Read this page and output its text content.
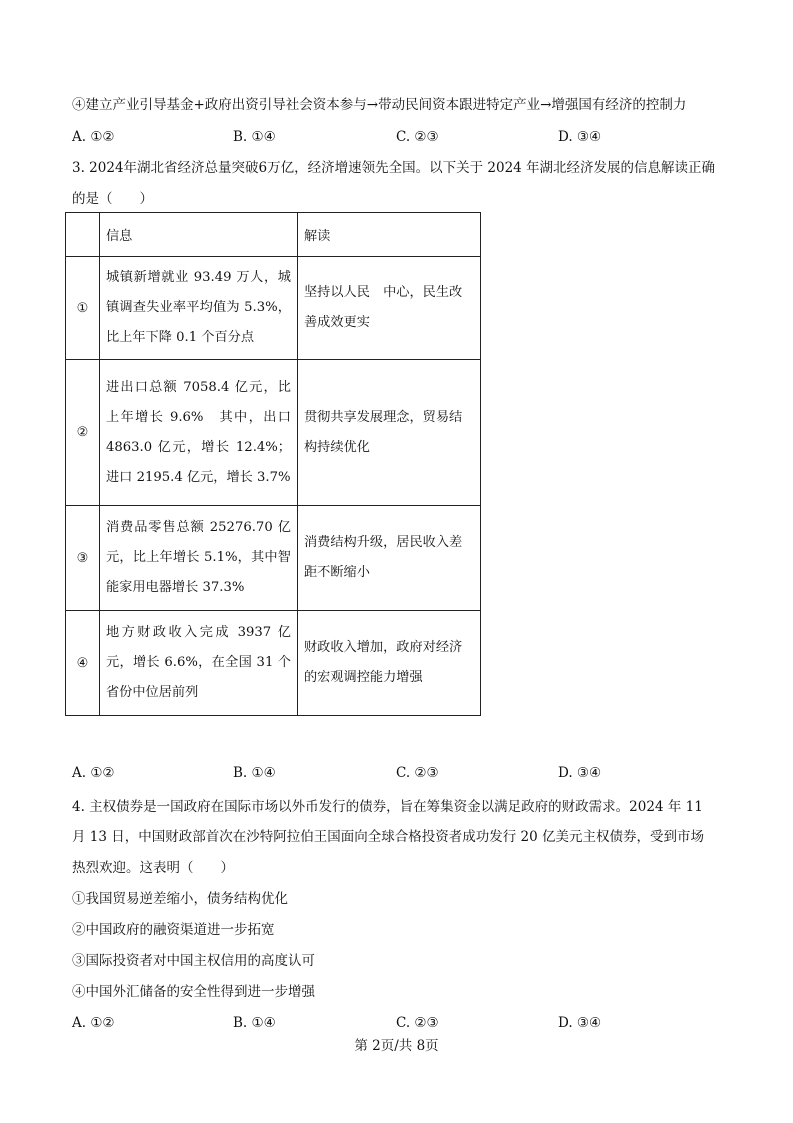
④建立产业引导基金+政府出资引导社会资本参与→带动民间资本跟进特定产业→增强国有经济的控制力
A. ①②	B. ①④	C. ②③	D. ③④
3. 2024年湖北省经济总量突破6万亿，经济增速领先全国。以下关于 2024 年湖北经济发展的信息解读正确
的是（　　）
	信息	解读
①	城镇新增就业 93.49 万人，城镇调查失业率平均值为 5.3%，比上年下降 0.1 个百分点	坚持以人民　中心，民生改善成效更实
②	进出口总额 7058.4 亿元，比上年增长 9.6%　其中，出口4863.0 亿元，增长 12.4%；进口 2195.4 亿元，增长 3.7%	贯彻共享发展理念，贸易结构持续优化
③	消费品零售总额 25276.70 亿元，比上年增长 5.1%，其中智能家用电器增长 37.3%	消费结构升级，居民收入差距不断缩小
④	地方财政收入完成 3937 亿元，增长 6.6%，在全国 31 个省份中位居前列	财政收入增加，政府对经济的宏观调控能力增强
A. ①②	B. ①④	C. ②③	D. ③④
4. 主权债券是一国政府在国际市场以外币发行的债券，旨在筹集资金以满足政府的财政需求。2024 年 11
月 13 日，中国财政部首次在沙特阿拉伯王国面向全球合格投资者成功发行 20 亿美元主权债券，受到市场
热烈欢迎。这表明（　　）
①我国贸易逆差缩小，债务结构优化
②中国政府的融资渠道进一步拓宽
③国际投资者对中国主权信用的高度认可
④中国外汇储备的安全性得到进一步增强
A. ①②	B. ①④	C. ②③	D. ③④
第 2页/共 8页
